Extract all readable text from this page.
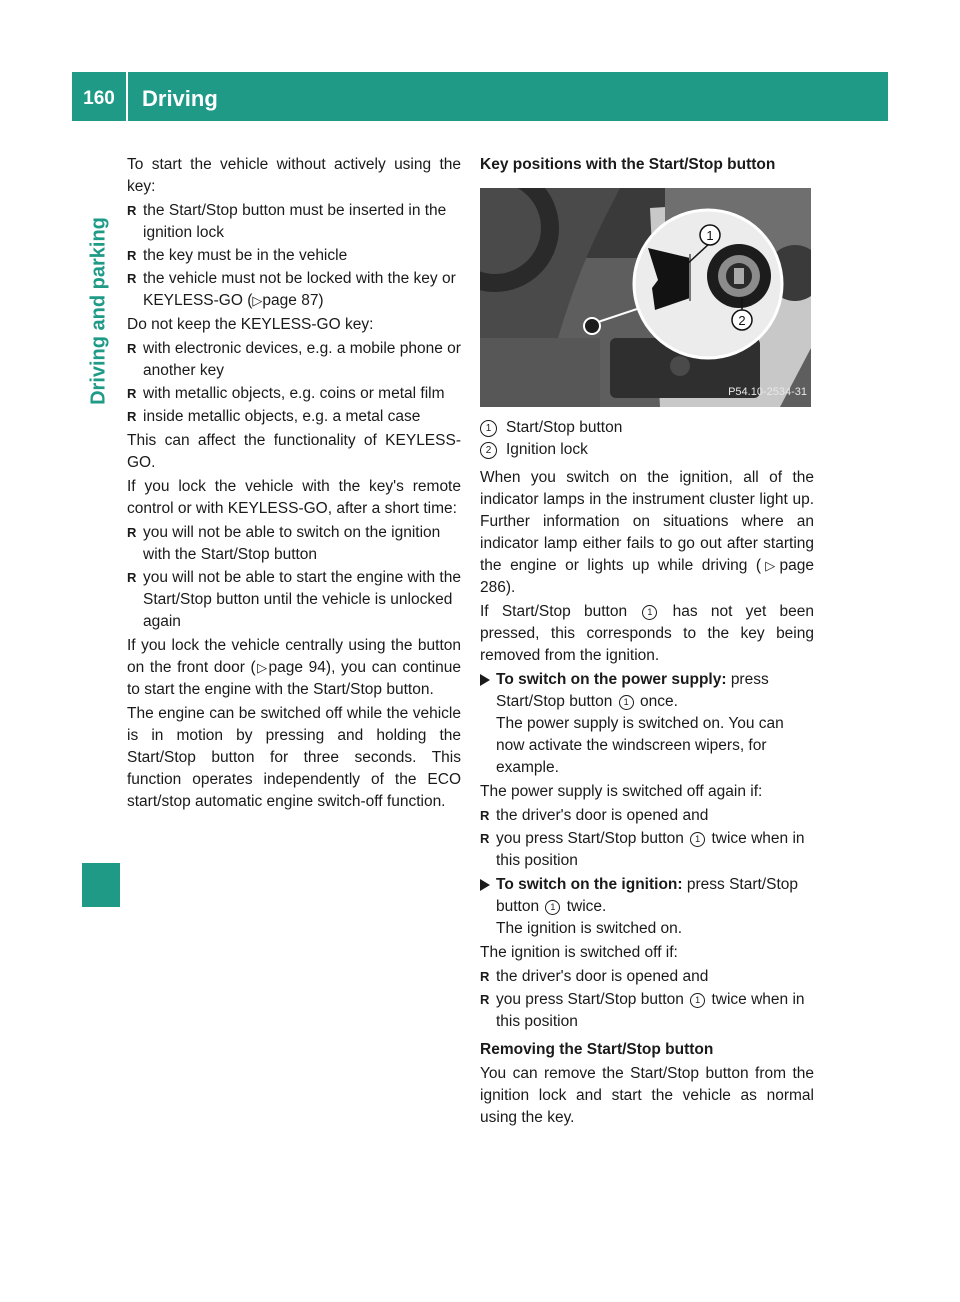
160	Driving
Driving and parking

To start the vehicle without actively using the key:

R the Start/Stop button must be inserted in the ignition lock
R the key must be in the vehicle
R the vehicle must not be locked with the key or KEYLESS-GO (▷page 87)

Do not keep the KEYLESS-GO key:

R with electronic devices, e.g. a mobile phone or another key
R with metallic objects, e.g. coins or metal film
R inside metallic objects, e.g. a metal case

This can affect the functionality of KEYLESS-GO.

If you lock the vehicle with the key's remote control or with KEYLESS-GO, after a short time:

R you will not be able to switch on the ignition with the Start/Stop button
R you will not be able to start the engine with the Start/Stop button until the vehicle is unlocked again

If you lock the vehicle centrally using the button on the front door (▷page 94), you can continue to start the engine with the Start/Stop button.

The engine can be switched off while the vehicle is in motion by pressing and holding the Start/Stop button for three seconds. This function operates independently of the ECO start/stop automatic engine switch-off function.

Key positions with the Start/Stop button

1
2
P54.10-2534-31
1 Start/Stop button
2 Ignition lock

When you switch on the ignition, all of the indicator lamps in the instrument cluster light up. Further information on situations where an indicator lamp either fails to go out after starting the engine or lights up while driving (▷page 286).

If Start/Stop button 1 has not yet been pressed, this corresponds to the key being removed from the ignition.

To switch on the power supply: press Start/Stop button 1 once.
The power supply is switched on. You can now activate the windscreen wipers, for example.

The power supply is switched off again if:

R the driver's door is opened and
R you press Start/Stop button 1 twice when in this position
To switch on the ignition: press Start/Stop button 1 twice.
The ignition is switched on.

The ignition is switched off if:

R the driver's door is opened and
R you press Start/Stop button 1 twice when in this position

Removing the Start/Stop button

You can remove the Start/Stop button from the ignition lock and start the vehicle as normal using the key.
